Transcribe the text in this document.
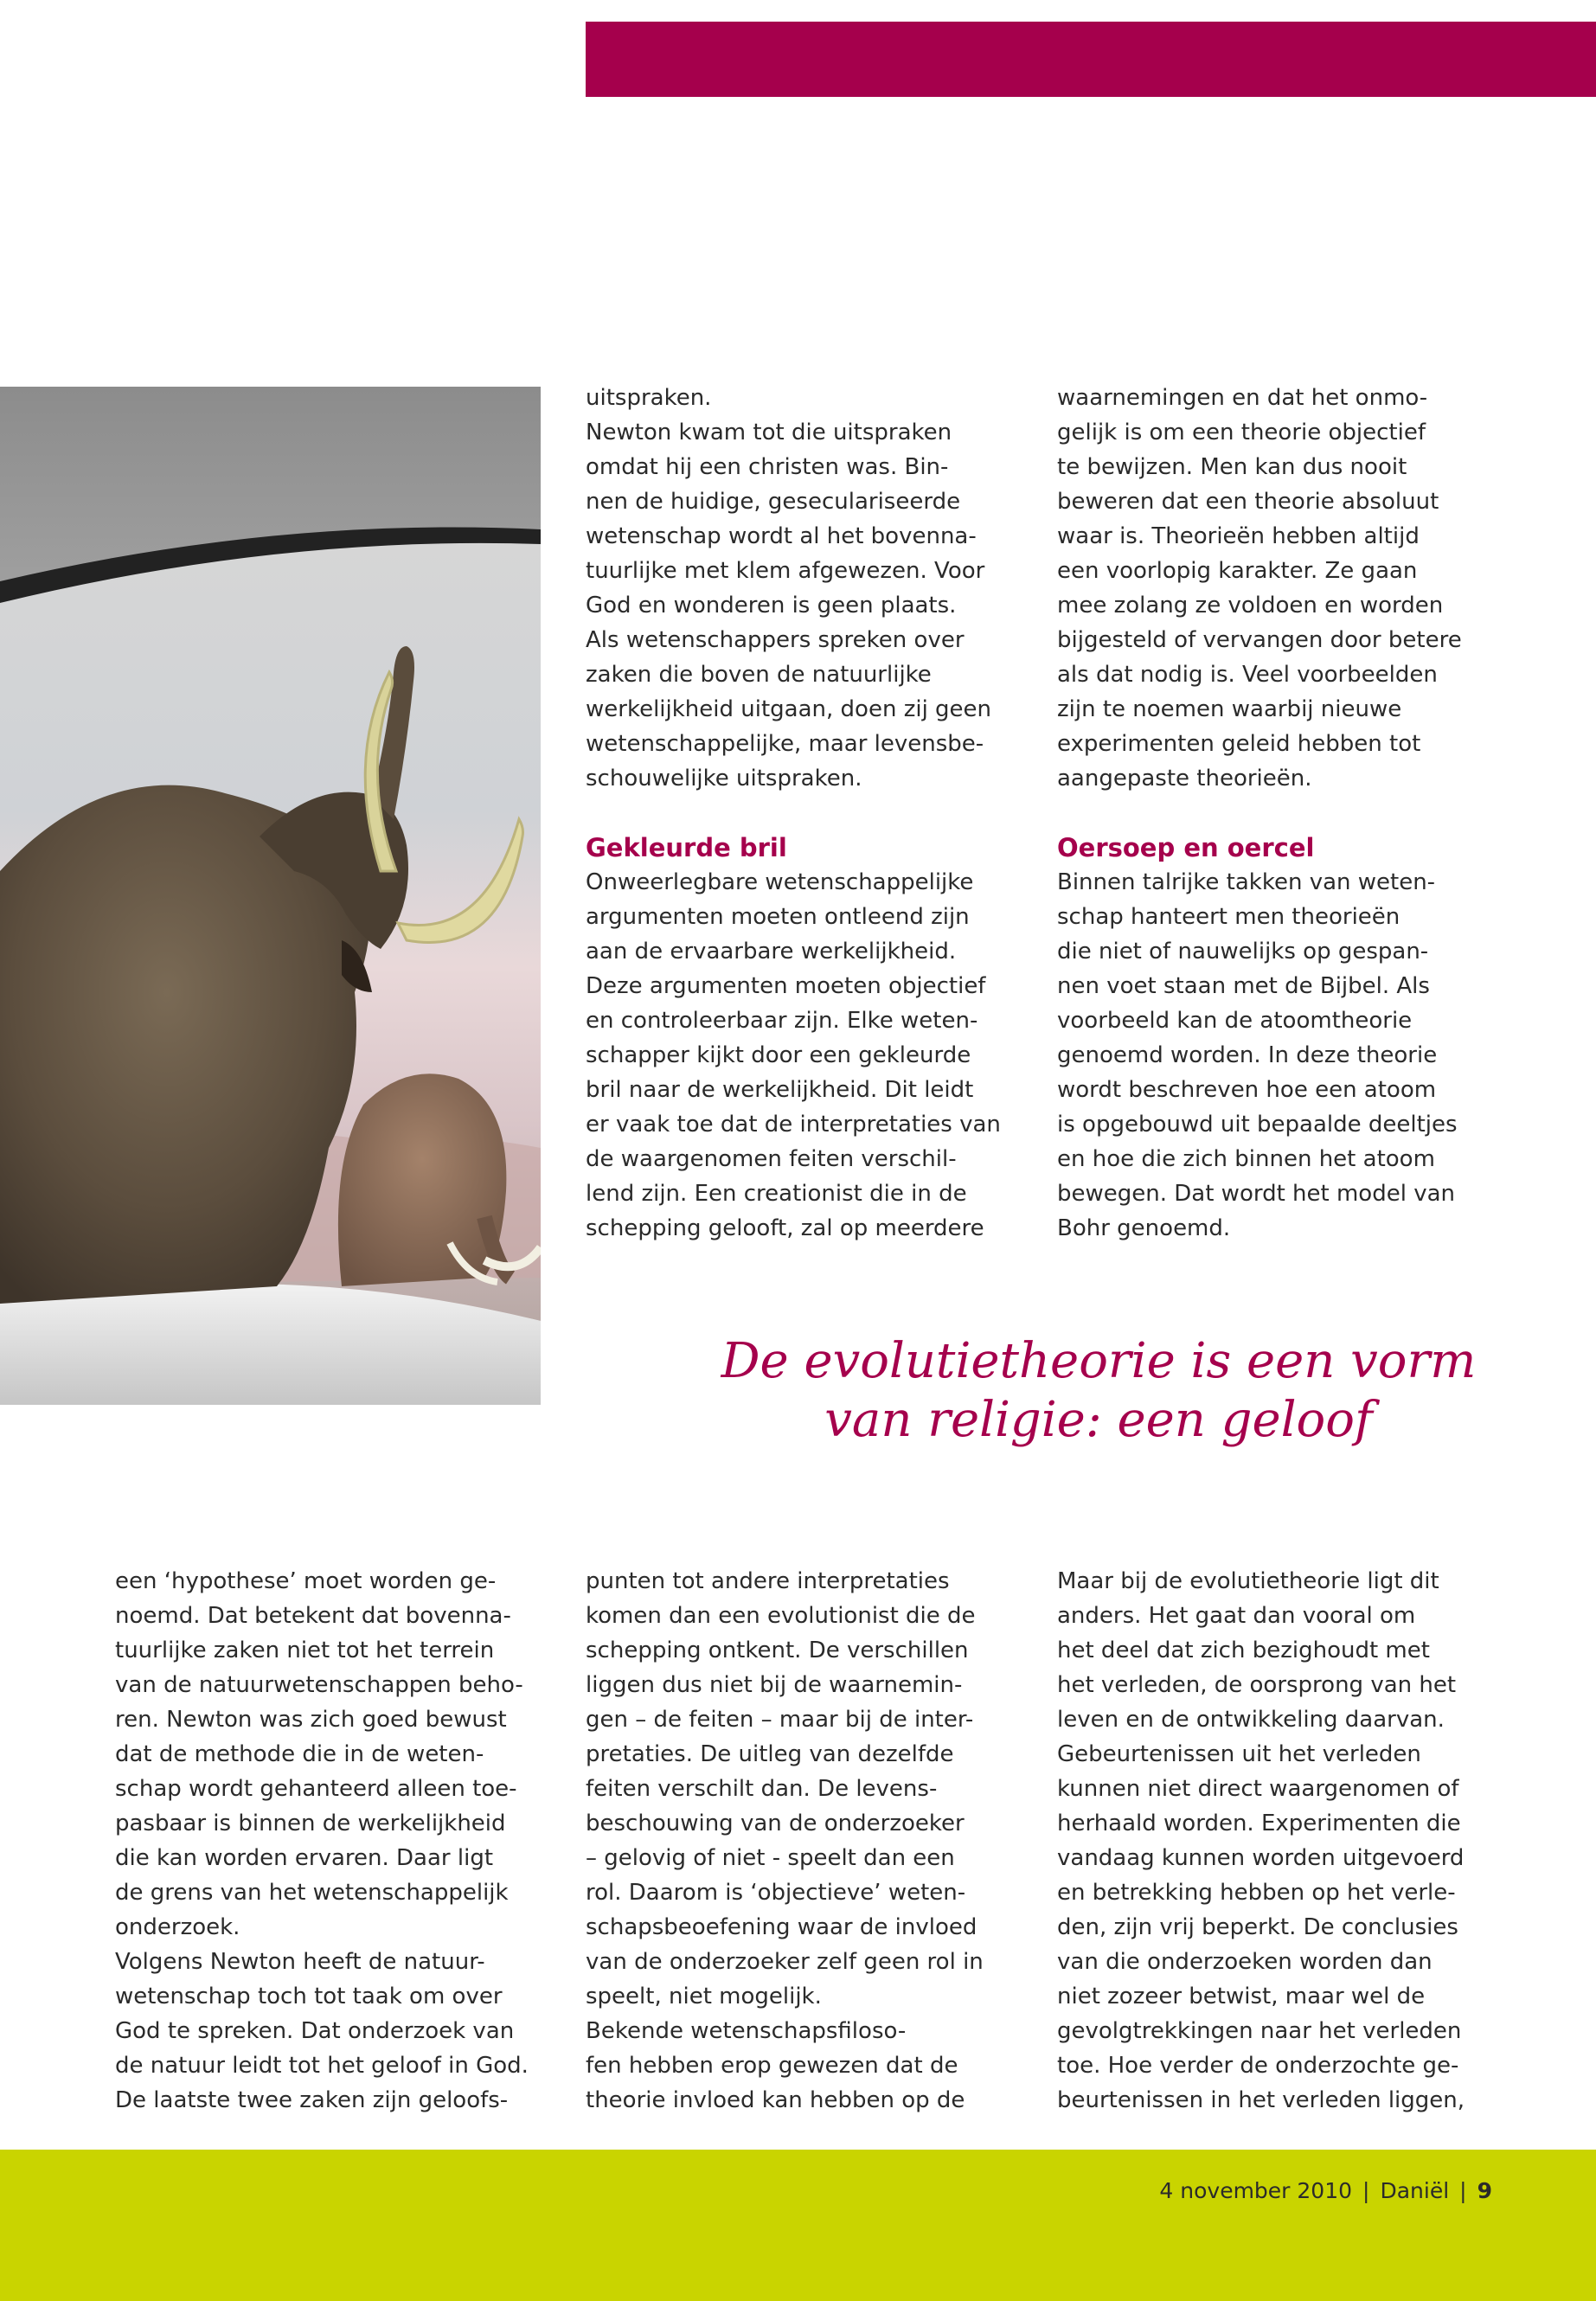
uitspraken.
Newton kwam tot die uitspraken
omdat hij een christen was. Bin-
nen de huidige, geseculariseerde
wetenschap wordt al het bovenna-
tuurlijke met klem afgewezen. Voor
God en wonderen is geen plaats.
Als wetenschappers spreken over
zaken die boven de natuurlijke
werkelijkheid uitgaan, doen zij geen
wetenschappelijke, maar levensbe-
schouwelijke uitspraken.

Gekleurde bril

Onweerlegbare wetenschappelijke
argumenten moeten ontleend zijn
aan de ervaarbare werkelijkheid.
Deze argumenten moeten objectief
en controleerbaar zijn. Elke weten-
schapper kijkt door een gekleurde
bril naar de werkelijkheid. Dit leidt
er vaak toe dat de interpretaties van
de waargenomen feiten verschil-
lend zijn. Een creationist die in de
schepping gelooft, zal op meerdere

waarnemingen en dat het onmo-
gelijk is om een theorie objectief
te bewijzen. Men kan dus nooit
beweren dat een theorie absoluut
waar is. Theorieën hebben altijd
een voorlopig karakter. Ze gaan
mee zolang ze voldoen en worden
bijgesteld of vervangen door betere
als dat nodig is. Veel voorbeelden
zijn te noemen waarbij nieuwe
experimenten geleid hebben tot
aangepaste theorieën.

Oersoep en oercel

Binnen talrijke takken van weten-
schap hanteert men theorieën
die niet of nauwelijks op gespan-
nen voet staan met de Bijbel. Als
voorbeeld kan de atoomtheorie
genoemd worden. In deze theorie
wordt beschreven hoe een atoom
is opgebouwd uit bepaalde deeltjes
en hoe die zich binnen het atoom
bewegen. Dat wordt het model van
Bohr genoemd.

De evolutietheorie is een vorm
van religie: een geloof

een ‘hypothese’ moet worden ge-
noemd. Dat betekent dat bovenna-
tuurlijke zaken niet tot het terrein
van de natuurwetenschappen beho-
ren. Newton was zich goed bewust
dat de methode die in de weten-
schap wordt gehanteerd alleen toe-
pasbaar is binnen de werkelijkheid
die kan worden ervaren. Daar ligt
de grens van het wetenschappelijk
onderzoek.
Volgens Newton heeft de natuur-
wetenschap toch tot taak om over
God te spreken. Dat onderzoek van
de natuur leidt tot het geloof in God.
De laatste twee zaken zijn geloofs-

punten tot andere interpretaties
komen dan een evolutionist die de
schepping ontkent. De verschillen
liggen dus niet bij de waarnemin-
gen – de feiten – maar bij de inter-
pretaties. De uitleg van dezelfde
feiten verschilt dan. De levens-
beschouwing van de onderzoeker
– gelovig of niet - speelt dan een
rol. Daarom is ‘objectieve’ weten-
schapsbeoefening waar de invloed
van de onderzoeker zelf geen rol in
speelt, niet mogelijk.
Bekende wetenschapsfiloso-
fen hebben erop gewezen dat de
theorie invloed kan hebben op de

Maar bij de evolutietheorie ligt dit
anders. Het gaat dan vooral om
het deel dat zich bezighoudt met
het verleden, de oorsprong van het
leven en de ontwikkeling daarvan.
Gebeurtenissen uit het verleden
kunnen niet direct waargenomen of
herhaald worden. Experimenten die
vandaag kunnen worden uitgevoerd
en betrekking hebben op het verle-
den, zijn vrij beperkt. De conclusies
van die onderzoeken worden dan
niet zozeer betwist, maar wel de
gevolgtrekkingen naar het verleden
toe. Hoe verder de onderzochte ge-
beurtenissen in het verleden liggen,

4 november 2010 | Daniël | 9
